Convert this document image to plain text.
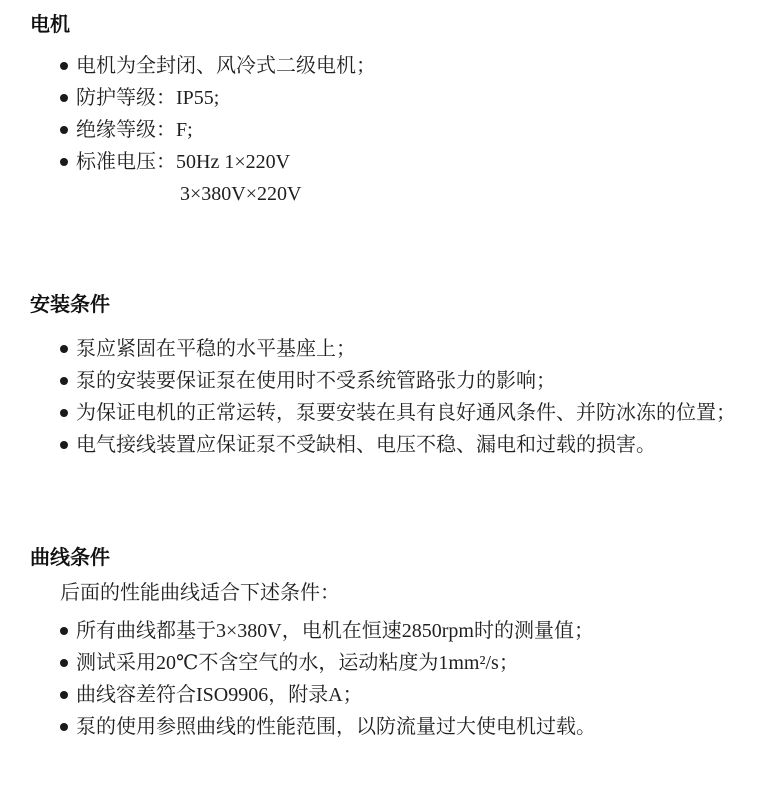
电机
电机为全封闭、风冷式二级电机；
防护等级：IP55;
绝缘等级：F;
标准电压：50Hz 1×220V
3×380V×220V
安装条件
泵应紧固在平稳的水平基座上；
泵的安装要保证泵在使用时不受系统管路张力的影响；
为保证电机的正常运转，泵要安装在具有良好通风条件、并防冰冻的位置；
电气接线装置应保证泵不受缺相、电压不稳、漏电和过载的损害。
曲线条件
后面的性能曲线适合下述条件：
所有曲线都基于3×380V，电机在恒速2850rpm时的测量值；
测试采用20℃不含空气的水，运动粘度为1mm²/s；
曲线容差符合ISO9906，附录A；
泵的使用参照曲线的性能范围，以防流量过大使电机过载。
